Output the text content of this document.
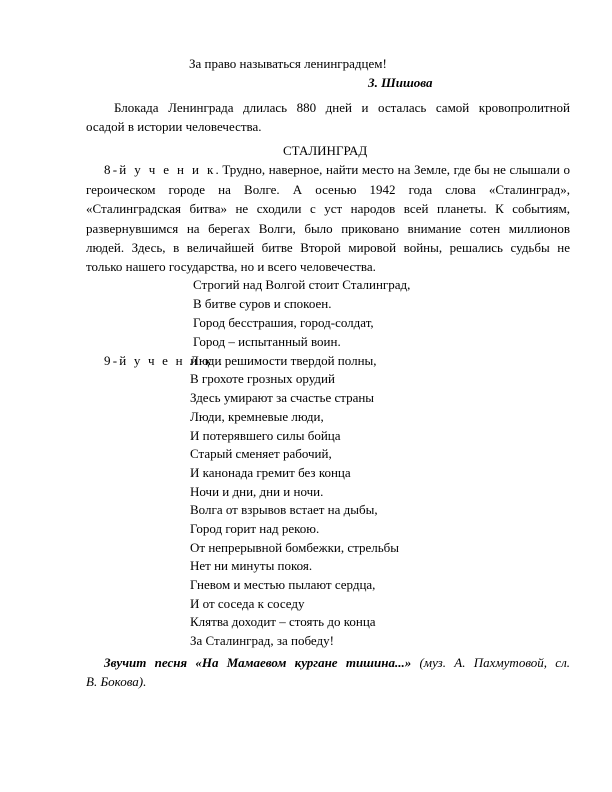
За право называться ленинградцем!
З. Шишова
Блокада Ленинграда длилась 880 дней и осталась самой кровопролитной
осадой в истории человечества.
СТАЛИНГРАД
8-й у ч е н и к. Трудно, наверное, найти место на Земле, где бы не слышали о
героическом городе на Волге. А осенью 1942 года слова «Сталинград»,
«Сталинградская битва» не сходили с уст народов всей планеты. К событиям,
развернувшимся на берегах Волги, было приковано внимание сотен миллионов
людей. Здесь, в величайшей битве Второй мировой войны, решались судьбы не
только нашего государства, но и всего человечества.
Строгий над Волгой стоит Сталинград,
В битве суров и спокоен.
Город бесстрашия, город-солдат,
Город – испытанный воин.
9-й у ч е н и к .
Люди решимости твердой полны,
В грохоте грозных орудий
Здесь умирают за счастье страны
Люди, кремневые люди,
И потерявшего силы бойца
Старый сменяет рабочий,
И канонада гремит без конца
Ночи и дни, дни и ночи.
Волга от взрывов встает на дыбы,
Город горит над рекою.
От непрерывной бомбежки, стрельбы
Нет ни минуты покоя.
Гневом и местью пылают сердца,
И от соседа к соседу
Клятва доходит – стоять до конца
За Сталинград, за победу!
Звучит песня «На Мамаевом кургане тишина...» (муз. А. Пахмутовой, сл.
В. Бокова).
